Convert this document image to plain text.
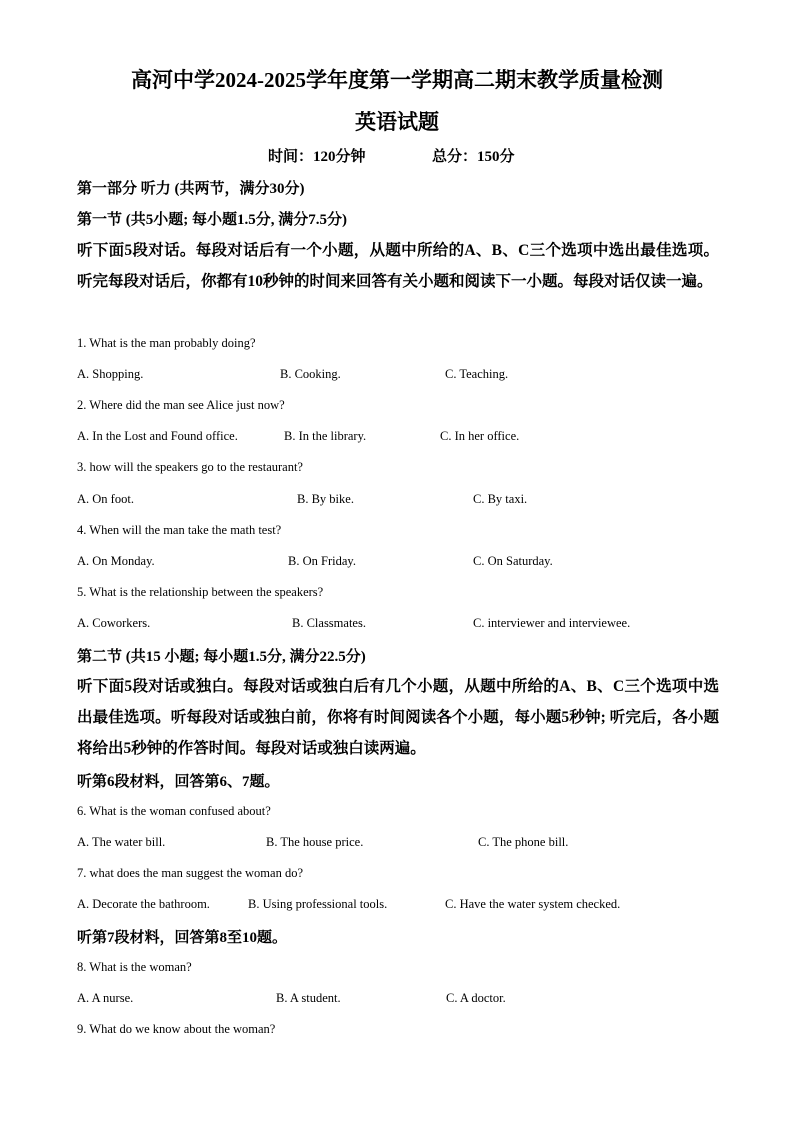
高河中学2024-2025学年度第一学期高二期末教学质量检测
英语试题
时间：120分钟	总分：150分
第一部分 听力 (共两节，满分30分)
第一节 (共5小题; 每小题1.5分, 满分7.5分)
听下面5段对话。每段对话后有一个小题，从题中所给的A、B、C三个选项中选出最佳选项。听完每段对话后，你都有10秒钟的时间来回答有关小题和阅读下一小题。每段对话仅读一遍。
1. What is the man probably doing?
A. Shopping.	B. Cooking.	C. Teaching.
2. Where did the man see Alice just now?
A. In the Lost and Found office.	B. In the library.	C. In her office.
3. how will the speakers go to the restaurant?
A. On foot.	B. By bike.	C. By taxi.
4. When will the man take the math test?
A. On Monday.	B. On Friday.	C. On Saturday.
5. What is the relationship between the speakers?
A. Coworkers.	B. Classmates.	C. interviewer and interviewee.
第二节 (共15 小题; 每小题1.5分, 满分22.5分)
听下面5段对话或独白。每段对话或独白后有几个小题，从题中所给的A、B、C三个选项中选出最佳选项。听每段对话或独白前，你将有时间阅读各个小题，每小题5秒钟; 听完后，各小题将给出5秒钟的作答时间。每段对话或独白读两遍。
听第6段材料，回答第6、7题。
6. What is the woman confused about?
A. The water bill.	B. The house price.	C. The phone bill.
7. what does the man suggest the woman do?
A. Decorate the bathroom.	B. Using professional tools.	C. Have the water system checked.
听第7段材料，回答第8至10题。
8. What is the woman?
A. A nurse.	B. A student.	C. A doctor.
9. What do we know about the woman?
